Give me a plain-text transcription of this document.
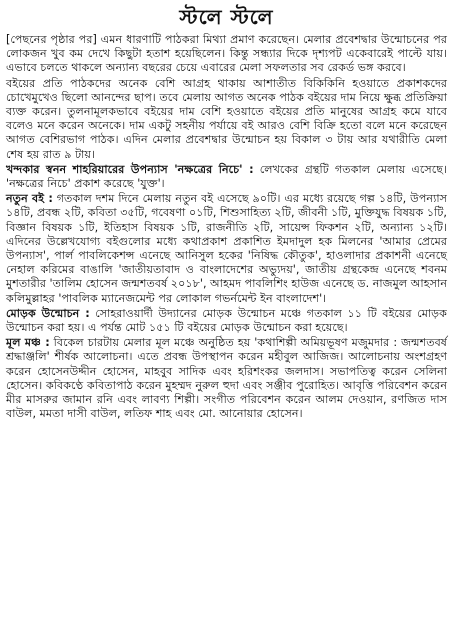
স্টলে স্টলে

[পেছনের পৃষ্ঠার পর] এমন ধারণাটি পাঠকরা মিথ্যা প্রমাণ করেছেন। মেলার প্রবেশদ্বার উন্মোচনের পর লোকজন খুব কম দেখে কিছুটা হতাশ হয়েছিলেন। কিন্তু সন্ধ্যার দিকে দৃশ্যপট একেবারেই পাল্টে যায়। এভাবে চলতে থাকলে অন্যান্য বছরের চেয়ে এবারের মেলা সফলতার সব রেকর্ড ভঙ্গ করবে।

বইয়ের প্রতি পাঠকদের অনেক বেশি আগ্রহ থাকায় আশাতীত বিকিকিনি হওয়াতে প্রকাশকদের চোখেমুখেও ছিলো আনন্দের ছাপ। তবে মেলায় আগত অনেক পাঠক বইয়ের দাম নিয়ে ক্ষুব্ধ প্রতিক্রিয়া ব্যক্ত করেন। তুলনামূলকভাবে বইয়ের দাম বেশি হওয়াতে বইয়ের প্রতি মানুষের আগ্রহ কমে যাবে বলেও মনে করেন অনেকে। দাম একটু সহনীয় পর্যায়ে বই আরও বেশি বিক্রি হতো বলে মনে করেছেন আগত বেশিরভাগ পাঠক। এদিন মেলার প্রবেশদ্বার উন্মোচন হয় বিকাল ৩ টায় আর যথারীতি মেলা শেষ হয় রাত ৯ টায়।

খন্দকার স্বনন শাহরিয়ারের উপন্যাস 'নক্ষত্রের নিচে' : লেখকের গ্রন্থটি গতকাল মেলায় এসেছে। 'নক্ষত্রের নিচে' প্রকাশ করেছে 'যুক্ত'।

নতুন বই : গতকাল দশম দিনে মেলায় নতুন বই এসেছে ৯০টি। এর মধ্যে রয়েছে গল্প ১৪টি, উপন্যাস ১৪টি, প্রবন্ধ ২টি, কবিতা ৩৫টি, গবেষণা ০১টি, শিশুসাহিত্য ২টি, জীবনী ১টি, মুক্তিযুদ্ধ বিষয়ক ১টি, বিজ্ঞান বিষয়ক ১টি, ইতিহাস বিষয়ক ১টি, রাজনীতি ২টি, সায়েন্স ফিকশন ২টি, অন্যান্য ১২টি। এদিনের উল্লেখযোগ্য বইগুলোর মধ্যে কথাপ্রকাশ প্রকাশিত ইমদাদুল হক মিলনের 'আমার প্রেমের উপন্যাস', পার্ল পাবলিকেশন্স এনেছে আনিসুল হকের 'নিষিদ্ধ কৌতুক', হাওলাদার প্রকাশনী এনেছে নেহাল করিমের বাঙালি 'জাতীয়তাবাদ ও বাংলাদেশের অভ্যুদয়', জাতীয় গ্রন্থকেন্দ্র এনেছে শবনম মুশতারীর 'তালিম হোসেন জন্মশতবর্ষ ২০১৮', আহমদ পাবলিশিং হাউজ এনেছে ড. নাজমুল আহসান কলিমুল্লাহর 'পাবলিক ম্যানেজমেন্ট পর লোকাল গভর্নমেন্ট ইন বাংলাদেশ'।

মোড়ক উন্মোচন : সোহরাওয়ার্দী উদ্যানের মোড়ক উন্মোচন মঞ্চে গতকাল ১১ টি বইয়ের মোড়ক উন্মোচন করা হয়। এ পর্যন্ত মোট ১৫১ টি বইয়ের মোড়ক উন্মোচন করা হয়েছে।

মূল মঞ্চ : বিকেল চারটায় মেলার মূল মঞ্চে অনুষ্ঠিত হয় 'কথাশিল্পী অমিয়ভূষণ মজুমদার : জন্মশতবর্ষ শ্রদ্ধাঞ্জলি' শীর্ষক আলোচনা। এতে প্রবন্ধ উপস্থাপন করেন মহীবুল আজিজ। আলোচনায় অংশগ্রহণ করেন হোসেনউদ্দীন হোসেন, মাহবুব সাদিক এবং হরিশংকর জলদাস। সভাপতিত্ব করেন সেলিনা হোসেন। কবিকণ্ঠে কবিতাপাঠ করেন মুহম্মদ নুরুল হুদা এবং সঞ্জীব পুরোহিত। আবৃত্তি পরিবেশন করেন মীর মাসরুর জামান রনি এবং লাবণ্য শিল্পী। সংগীত পরিবেশন করেন আলম দেওয়ান, রণজিত দাস বাউল, মমতা দাসী বাউল, লতিফ শাহ এবং মো. আনোয়ার হোসেন।
